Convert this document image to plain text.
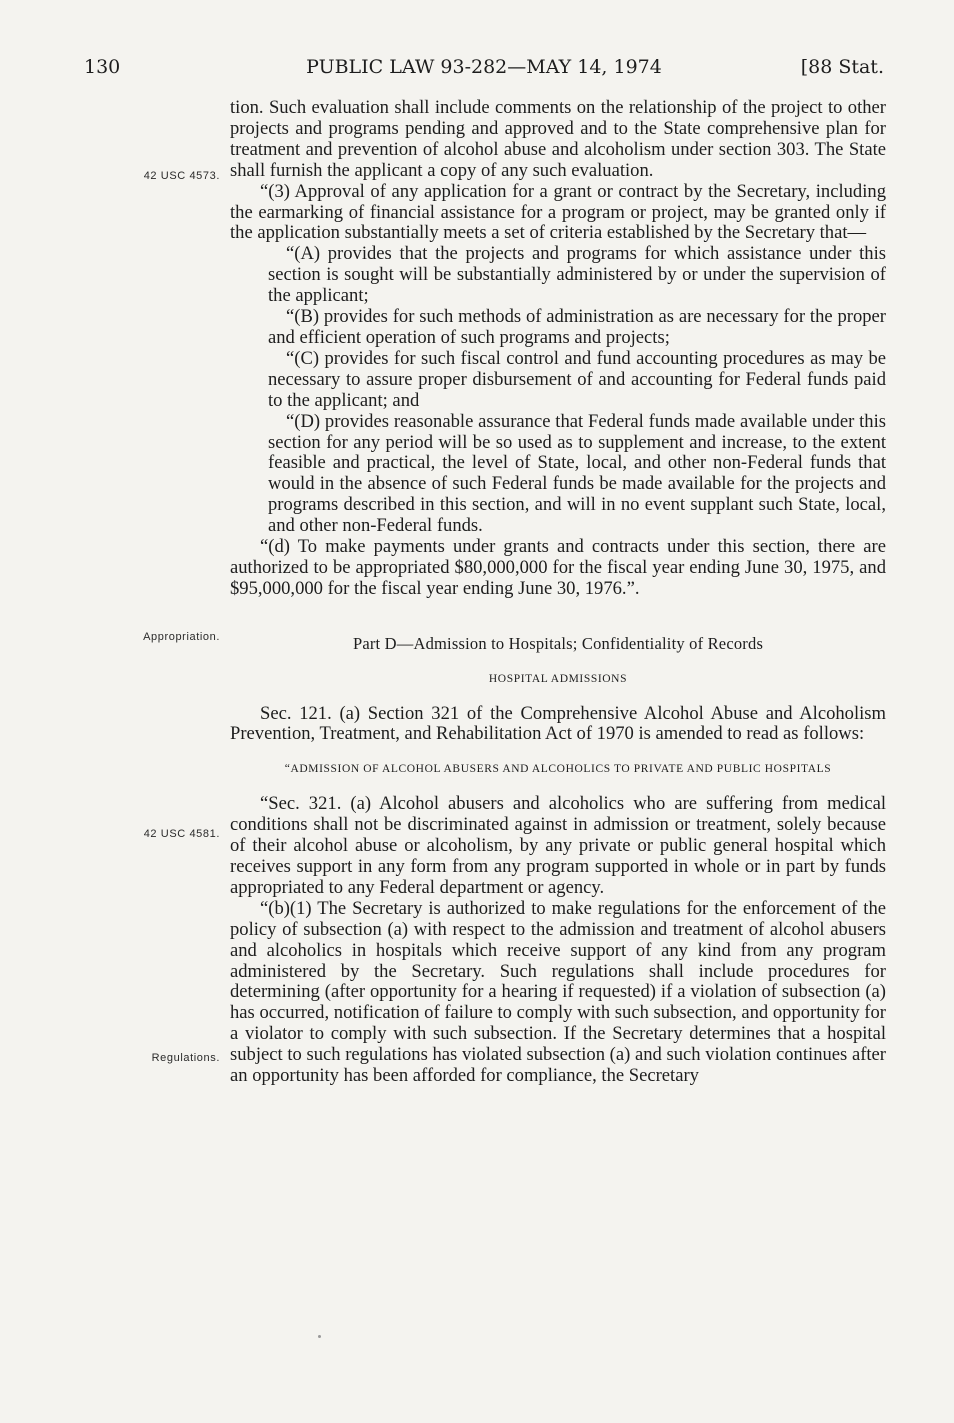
130	PUBLIC LAW 93-282—MAY 14, 1974	[88 Stat.
42 USC 4573.
Appropriation.
42 USC 4581.
Regulations.

tion. Such evaluation shall include comments on the relationship of the project to other projects and programs pending and approved and to the State comprehensive plan for treatment and prevention of alcohol abuse and alcoholism under section 303. The State shall furnish the applicant a copy of any such evaluation.

“(3) Approval of any application for a grant or contract by the Secretary, including the earmarking of financial assistance for a program or project, may be granted only if the application substantially meets a set of criteria established by the Secretary that—

“(A) provides that the projects and programs for which assistance under this section is sought will be substantially administered by or under the supervision of the applicant;

“(B) provides for such methods of administration as are necessary for the proper and efficient operation of such programs and projects;

“(C) provides for such fiscal control and fund accounting procedures as may be necessary to assure proper disbursement of and accounting for Federal funds paid to the applicant; and

“(D) provides reasonable assurance that Federal funds made available under this section for any period will be so used as to supplement and increase, to the extent feasible and practical, the level of State, local, and other non-Federal funds that would in the absence of such Federal funds be made available for the projects and programs described in this section, and will in no event supplant such State, local, and other non-Federal funds.

“(d) To make payments under grants and contracts under this section, there are authorized to be appropriated $80,000,000 for the fiscal year ending June 30, 1975, and $95,000,000 for the fiscal year ending June 30, 1976.”.

Part D—Admission to Hospitals; Confidentiality of Records

HOSPITAL ADMISSIONS

Sec. 121. (a) Section 321 of the Comprehensive Alcohol Abuse and Alcoholism Prevention, Treatment, and Rehabilitation Act of 1970 is amended to read as follows:

“ADMISSION OF ALCOHOL ABUSERS AND ALCOHOLICS TO PRIVATE AND PUBLIC HOSPITALS

“Sec. 321. (a) Alcohol abusers and alcoholics who are suffering from medical conditions shall not be discriminated against in admission or treatment, solely because of their alcohol abuse or alcoholism, by any private or public general hospital which receives support in any form from any program supported in whole or in part by funds appropriated to any Federal department or agency.

“(b)(1) The Secretary is authorized to make regulations for the enforcement of the policy of subsection (a) with respect to the admission and treatment of alcohol abusers and alcoholics in hospitals which receive support of any kind from any program administered by the Secretary. Such regulations shall include procedures for determining (after opportunity for a hearing if requested) if a violation of subsection (a) has occurred, notification of failure to comply with such subsection, and opportunity for a violator to comply with such subsection. If the Secretary determines that a hospital subject to such regulations has violated subsection (a) and such violation continues after an opportunity has been afforded for compliance, the Secretary
